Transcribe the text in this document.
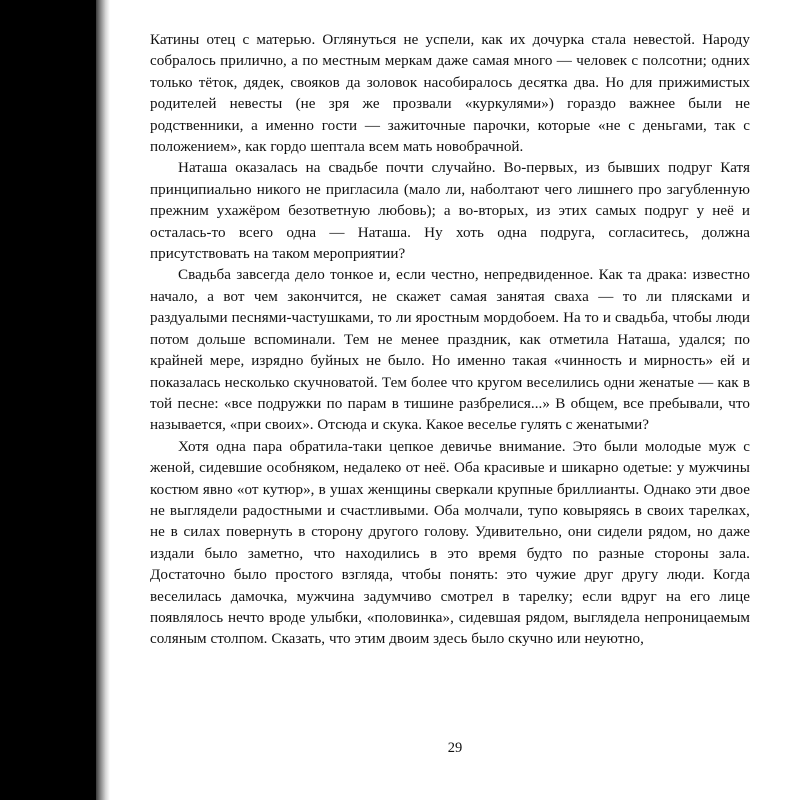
Катины отец с матерью. Оглянуться не успели, как их дочурка стала невестой. Народу собралось прилично, а по местным меркам даже самая много — человек с полсотни; одних только тёток, дядек, свояков да золовок насобиралось десятка два. Но для прижимистых родителей невесты (не зря же прозвали «куркулями») гораздо важнее были не родственники, а именно гости — зажиточные парочки, которые «не с деньгами, так с положением», как гордо шептала всем мать новобрачной.

Наташа оказалась на свадьбе почти случайно. Во-первых, из бывших подруг Катя принципиально никого не пригласила (мало ли, наболтают чего лишнего про загубленную прежним ухажёром безответную любовь); а во-вторых, из этих самых подруг у неё и осталась-то всего одна — Наташа. Ну хоть одна подруга, согласитесь, должна присутствовать на таком мероприятии?

Свадьба завсегда дело тонкое и, если честно, непредвиденное. Как та драка: известно начало, а вот чем закончится, не скажет самая занятая сваха — то ли плясками и раздуалыми песнями-частушками, то ли яростным мордобоем. На то и свадьба, чтобы люди потом дольше вспоминали. Тем не менее праздник, как отметила Наташа, удался; по крайней мере, изрядно буйных не было. Но именно такая «чинность и мирность» ей и показалась несколько скучноватой. Тем более что кругом веселились одни женатые — как в той песне: «все подружки по парам в тишине разбрелися...» В общем, все пребывали, что называется, «при своих». Отсюда и скука. Какое веселье гулять с женатыми?

Хотя одна пара обратила-таки цепкое девичье внимание. Это были молодые муж с женой, сидевшие особняком, недалеко от неё. Оба красивые и шикарно одетые: у мужчины костюм явно «от кутюр», в ушах женщины сверкали крупные бриллианты. Однако эти двое не выглядели радостными и счастливыми. Оба молчали, тупо ковыряясь в своих тарелках, не в силах повернуть в сторону другого голову. Удивительно, они сидели рядом, но даже издали было заметно, что находились в это время будто по разные стороны зала. Достаточно было простого взгляда, чтобы понять: это чужие друг другу люди. Когда веселилась дамочка, мужчина задумчиво смотрел в тарелку; если вдруг на его лице появлялось нечто вроде улыбки, «половинка», сидевшая рядом, выглядела непроницаемым соляным столпом. Сказать, что этим двоим здесь было скучно или неуютно,

29
